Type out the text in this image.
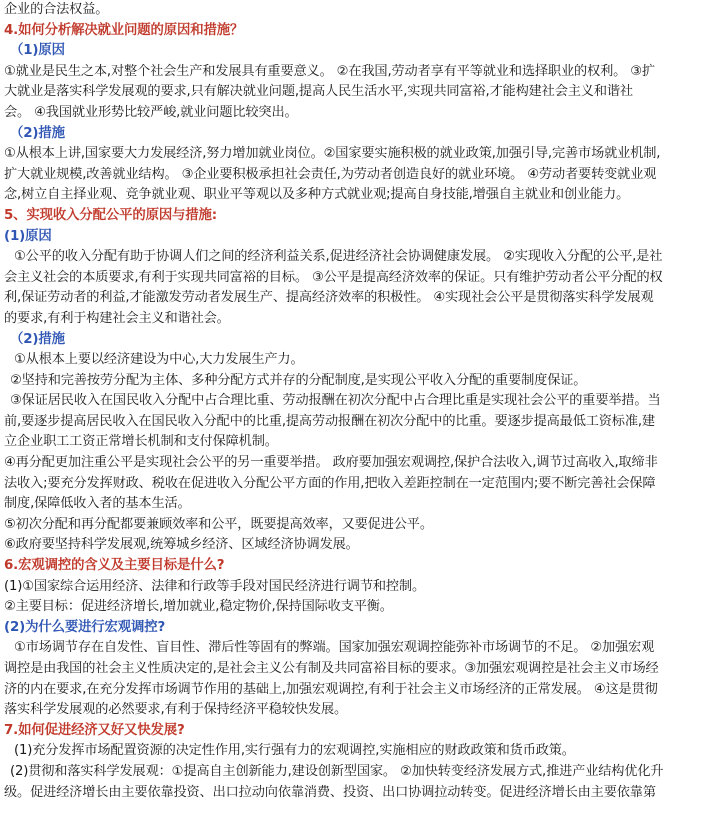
企业的合法权益。
4.如何分析解决就业问题的原因和措施？
（1)原因
①就业是民生之本,对整个社会生产和发展具有重要意义。 ②在我国,劳动者享有平等就业和选择职业的权利。 ③扩
大就业是落实科学发展观的要求,只有解决就业问题,提高人民生活水平,实现共同富裕,才能构建社会主义和谐社
会。 ④我国就业形势比较严峻,就业问题比较突出。
（2)措施
①从根本上讲,国家要大力发展经济,努力增加就业岗位。②国家要实施积极的就业政策,加强引导,完善市场就业机制,
扩大就业规模,改善就业结构。 ③企业要积极承担社会责任,为劳动者创造良好的就业环境。 ④劳动者要转变就业观
念,树立自主择业观、竞争就业观、职业平等观以及多种方式就业观;提高自身技能,增强自主就业和创业能力。
5、实现收入分配公平的原因与措施:
(1)原因
①公平的收入分配有助于协调人们之间的经济利益关系,促进经济社会协调健康发展。 ②实现收入分配的公平,是社
会主义社会的本质要求,有利于实现共同富裕的目标。 ③公平是提高经济效率的保证。只有维护劳动者公平分配的权
利,保证劳动者的利益,才能激发劳动者发展生产、提高经济效率的积极性。 ④实现社会公平是贯彻落实科学发展观
的要求,有利于构建社会主义和谐社会。
（2)措施
①从根本上要以经济建设为中心,大力发展生产力。
②坚持和完善按劳分配为主体、多种分配方式并存的分配制度,是实现公平收入分配的重要制度保证。
③保证居民收入在国民收入分配中占合理比重、劳动报酬在初次分配中占合理比重是实现社会公平的重要举措。当
前,要逐步提高居民收入在国民收入分配中的比重,提高劳动报酬在初次分配中的比重。要逐步提高最低工资标准,建
立企业职工工资正常增长机制和支付保障机制。
④再分配更加注重公平是实现社会公平的另一重要举措。 政府要加强宏观调控,保护合法收入,调节过高收入,取缔非
法收入;要充分发挥财政、税收在促进收入分配公平方面的作用,把收入差距控制在一定范围内;要不断完善社会保障
制度,保障低收入者的基本生活。
⑤初次分配和再分配都要兼顾效率和公平，既要提高效率，又要促进公平。
⑥政府要坚持科学发展观,统筹城乡经济、区域经济协调发展。
6.宏观调控的含义及主要目标是什么?
(1)①国家综合运用经济、法律和行政等手段对国民经济进行调节和控制。
②主要目标：促进经济增长,增加就业,稳定物价,保持国际收支平衡。
(2)为什么要进行宏观调控?
①市场调节存在自发性、盲目性、滞后性等固有的弊端。国家加强宏观调控能弥补市场调节的不足。 ②加强宏观
调控是由我国的社会主义性质决定的,是社会主义公有制及共同富裕目标的要求。③加强宏观调控是社会主义市场经
济的内在要求,在充分发挥市场调节作用的基础上,加强宏观调控,有利于社会主义市场经济的正常发展。 ④这是贯彻
落实科学发展观的必然要求,有利于保持经济平稳较快发展。
7.如何促进经济又好又快发展?
(1)充分发挥市场配置资源的决定性作用,实行强有力的宏观调控,实施相应的财政政策和货币政策。
(2)贯彻和落实科学发展观：①提高自主创新能力,建设创新型国家。 ②加快转变经济发展方式,推进产业结构优化升
级。促进经济增长由主要依靠投资、出口拉动向依靠消费、投资、出口协调拉动转变。促进经济增长由主要依靠第
